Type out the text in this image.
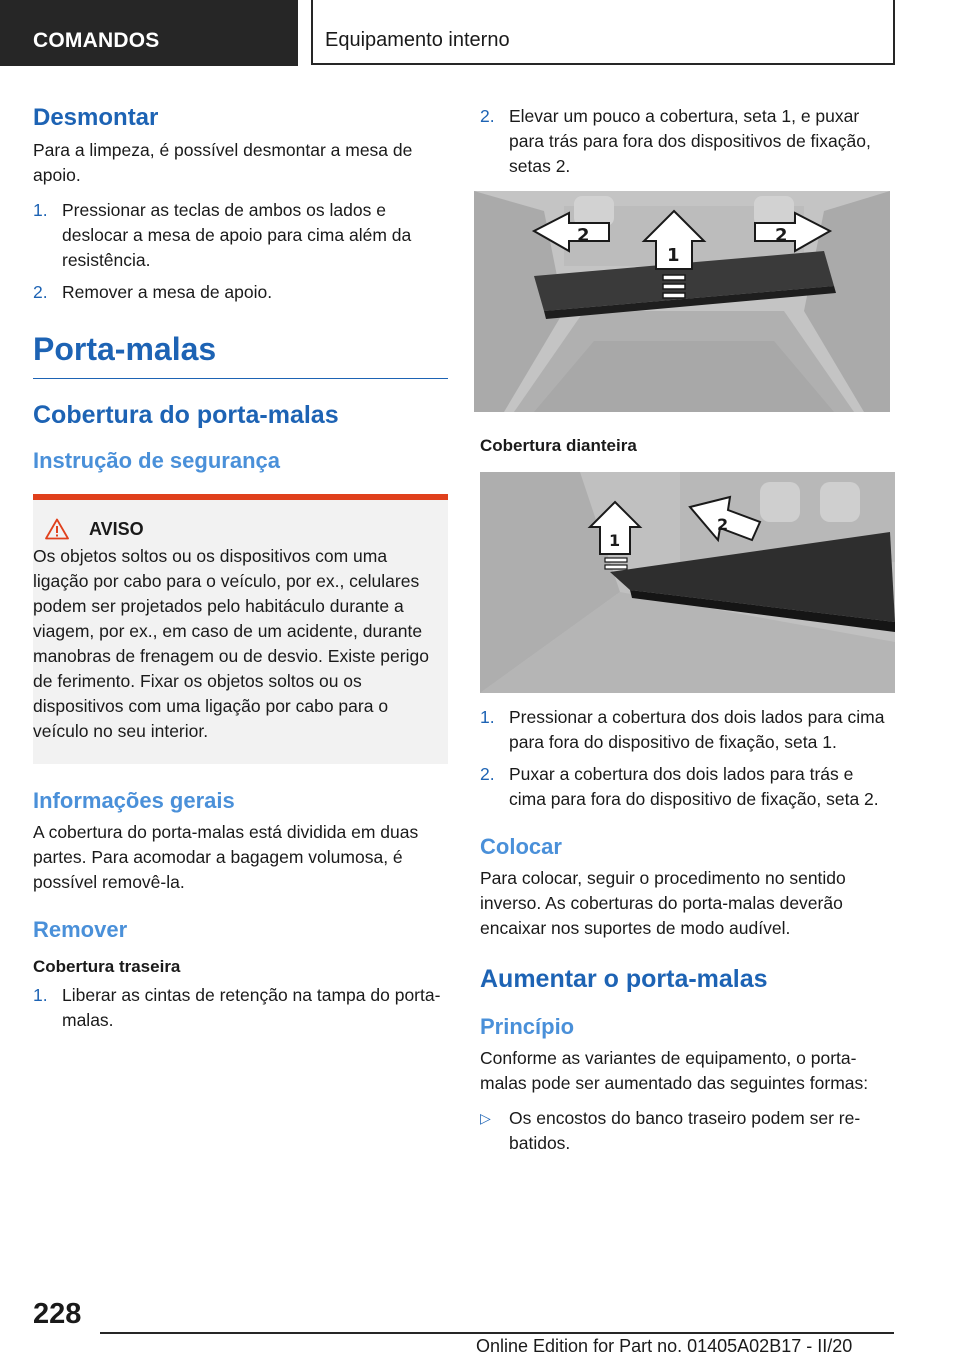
COMANDOS	Equipamento interno
Desmontar

Para a limpeza, é possível desmontar a mesa de apoio.

1. Pressionar as teclas de ambos os lados e deslocar a mesa de apoio para cima além da resistência.
2. Remover a mesa de apoio.
Porta-malas
Cobertura do porta-malas
Instrução de segurança
AVISO

Os objetos soltos ou os dispositivos com uma ligação por cabo para o veículo, por ex., celulares podem ser projetados pelo habitáculo durante a viagem, por ex., em caso de um acidente, durante manobras de frenagem ou de desvio. Existe perigo de ferimento. Fixar os objetos soltos ou os dispositivos com uma ligação por cabo para o veículo no seu interior.

Informações gerais

A cobertura do porta-malas está dividida em duas partes. Para acomodar a bagagem volumosa, é possível removê-la.

Remover
Cobertura traseira
1. Liberar as cintas de retenção na tampa do porta-malas.
2. Elevar um pouco a cobertura, seta 1, e puxar para trás para fora dos dispositivos de fixação, setas 2.
2
1
2
Cobertura dianteira
1
2
1. Pressionar a cobertura dos dois lados para cima para fora do dispositivo de fixação, seta 1.
2. Puxar a cobertura dos dois lados para trás e cima para fora do dispositivo de fixação, seta 2.
Colocar

Para colocar, seguir o procedimento no sentido inverso. As coberturas do porta-malas deverão encaixar nos suportes de modo audível.

Aumentar o porta-malas
Princípio

Conforme as variantes de equipamento, o porta-malas pode ser aumentado das seguintes formas:

▷ Os encostos do banco traseiro podem ser rebatidos.
228
Online Edition for Part no. 01405A02B17 - II/20
